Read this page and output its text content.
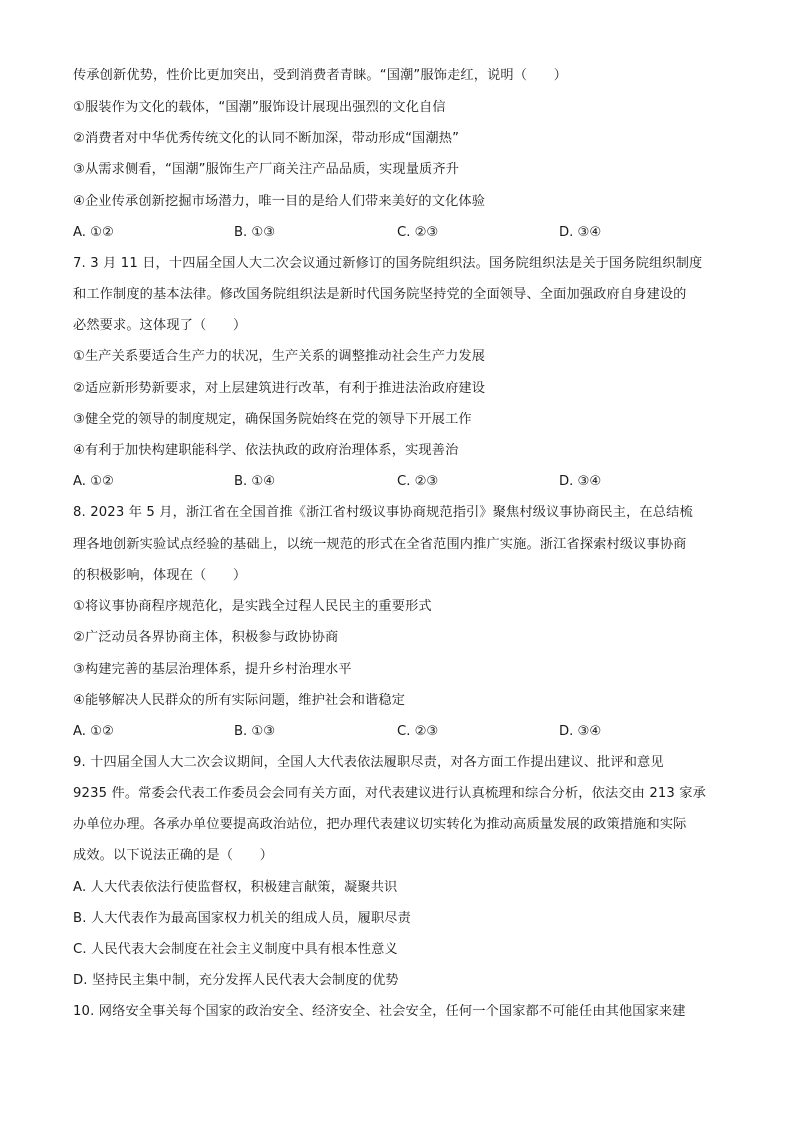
传承创新优势，性价比更加突出，受到消费者青睐。“国潮”服饰走红，说明（　　）
①服装作为文化的载体，“国潮”服饰设计展现出强烈的文化自信
②消费者对中华优秀传统文化的认同不断加深，带动形成“国潮热”
③从需求侧看，“国潮”服饰生产厂商关注产品品质，实现量质齐升
④企业传承创新挖掘市场潜力，唯一目的是给人们带来美好的文化体验
A. ①②	B. ①③	C. ②③	D. ③④
7. 3 月 11 日，十四届全国人大二次会议通过新修订的国务院组织法。国务院组织法是关于国务院组织制度
和工作制度的基本法律。修改国务院组织法是新时代国务院坚持党的全面领导、全面加强政府自身建设的
必然要求。这体现了（　　）
①生产关系要适合生产力的状况，生产关系的调整推动社会生产力发展
②适应新形势新要求，对上层建筑进行改革，有利于推进法治政府建设
③健全党的领导的制度规定，确保国务院始终在党的领导下开展工作
④有利于加快构建职能科学、依法执政的政府治理体系，实现善治
A. ①②	B. ①④	C. ②③	D. ③④
8. 2023 年 5 月，浙江省在全国首推《浙江省村级议事协商规范指引》聚焦村级议事协商民主，在总结梳
理各地创新实验试点经验的基础上，以统一规范的形式在全省范围内推广实施。浙江省探索村级议事协商
的积极影响，体现在（　　）
①将议事协商程序规范化，是实践全过程人民民主的重要形式
②广泛动员各界协商主体，积极参与政协协商
③构建完善的基层治理体系，提升乡村治理水平
④能够解决人民群众的所有实际问题，维护社会和谐稳定
A. ①②	B. ①③	C. ②③	D. ③④
9. 十四届全国人大二次会议期间，全国人大代表依法履职尽责，对各方面工作提出建议、批评和意见
9235 件。常委会代表工作委员会会同有关方面，对代表建议进行认真梳理和综合分析，依法交由 213 家承
办单位办理。各承办单位要提高政治站位，把办理代表建议切实转化为推动高质量发展的政策措施和实际
成效。以下说法正确的是（　　）
A. 人大代表依法行使监督权，积极建言献策，凝聚共识
B. 人大代表作为最高国家权力机关的组成人员，履职尽责
C. 人民代表大会制度在社会主义制度中具有根本性意义
D. 坚持民主集中制，充分发挥人民代表大会制度的优势
10. 网络安全事关每个国家的政治安全、经济安全、社会安全，任何一个国家都不可能任由其他国家来建
